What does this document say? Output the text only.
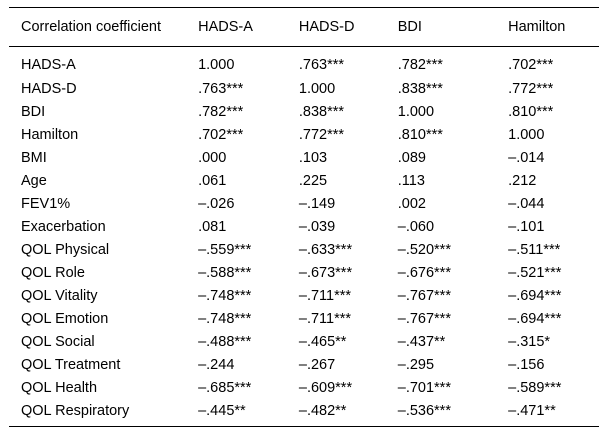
Correlation coefficient	HADS-A	HADS-D	BDI	Hamilton
HADS-A	1.000	.763***	.782***	.702***
HADS-D	.763***	1.000	.838***	.772***
BDI	.782***	.838***	1.000	.810***
Hamilton	.702***	.772***	.810***	1.000
BMI	.000	.103	.089	–.014
Age	.061	.225	.113	.212
FEV1%	–.026	–.149	.002	–.044
Exacerbation	.081	–.039	–.060	–.101
QOL Physical	–.559***	–.633***	–.520***	–.511***
QOL Role	–.588***	–.673***	–.676***	–.521***
QOL Vitality	–.748***	–.711***	–.767***	–.694***
QOL Emotion	–.748***	–.711***	–.767***	–.694***
QOL Social	–.488***	–.465**	–.437**	–.315*
QOL Treatment	–.244	–.267	–.295	–.156
QOL Health	–.685***	–.609***	–.701***	–.589***
QOL Respiratory	–.445**	–.482**	–.536***	–.471**
